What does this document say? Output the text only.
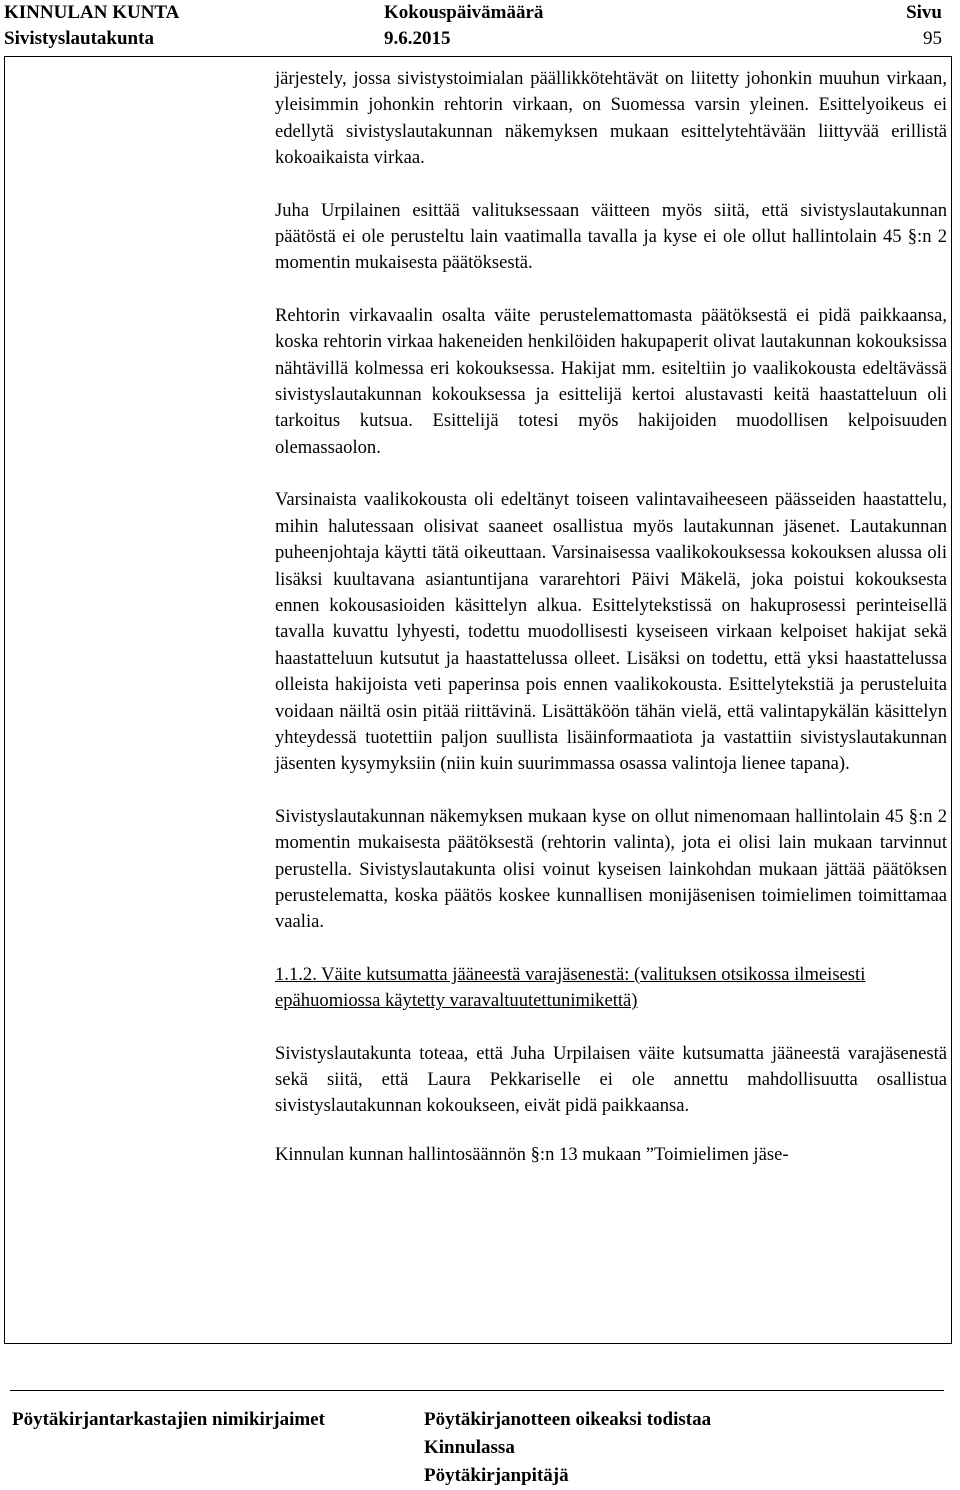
KINNULAN KUNTA	Kokouspäivämäärä	Sivu
Sivistyslautakunta	9.6.2015	95

järjestely, jossa sivistystoimialan päällikkötehtävät on liitetty johonkin muuhun virkaan, yleisimmin johonkin rehtorin virkaan, on Suomessa varsin yleinen. Esittelyoikeus ei edellytä sivistyslautakunnan näkemyksen mukaan esittelytehtävään liittyvää erillistä kokoaikaista virkaa.

Juha Urpilainen esittää valituksessaan väitteen myös siitä, että sivistyslautakunnan päätöstä ei ole perusteltu lain vaatimalla tavalla ja kyse ei ole ollut hallintolain 45 §:n 2 momentin mukaisesta päätöksestä.

Rehtorin virkavaalin osalta väite perustelemattomasta päätöksestä ei pidä paikkaansa, koska rehtorin virkaa hakeneiden henkilöiden hakupaperit olivat lautakunnan kokouksissa nähtävillä kolmessa eri kokouksessa. Hakijat mm. esiteltiin jo vaalikokousta edeltävässä sivistyslautakunnan kokouksessa ja esittelijä kertoi alustavasti keitä haastatteluun oli tarkoitus kutsua. Esittelijä totesi myös hakijoiden muodollisen kelpoisuuden olemassaolon.

Varsinaista vaalikokousta oli edeltänyt toiseen valintavaiheeseen päässeiden haastattelu, mihin halutessaan olisivat saaneet osallistua myös lautakunnan jäsenet. Lautakunnan puheenjohtaja käytti tätä oikeuttaan. Varsinaisessa vaalikokouksessa kokouksen alussa oli lisäksi kuultavana asiantuntijana vararehtori Päivi Mäkelä, joka poistui kokouksesta ennen kokousasioiden käsittelyn alkua. Esittelytekstissä on hakuprosessi perinteisellä tavalla kuvattu lyhyesti, todettu muodollisesti kyseiseen virkaan kelpoiset hakijat sekä haastatteluun kutsutut ja haastattelussa olleet. Lisäksi on todettu, että yksi haastattelussa olleista hakijoista veti paperinsa pois ennen vaalikokousta. Esittelytekstiä ja perusteluita voidaan näiltä osin pitää riittävinä. Lisättäköön tähän vielä, että valintapykälän käsittelyn yhteydessä tuotettiin paljon suullista lisäinformaatiota ja vastattiin sivistyslautakunnan jäsenten kysymyksiin (niin kuin suurimmassa osassa valintoja lienee tapana).

Sivistyslautakunnan näkemyksen mukaan kyse on ollut nimenomaan hallintolain 45 §:n 2 momentin mukaisesta päätöksestä (rehtorin valinta), jota ei olisi lain mukaan tarvinnut perustella. Sivistyslautakunta olisi voinut kyseisen lainkohdan mukaan jättää päätöksen perustelematta, koska päätös koskee kunnallisen monijäsenisen toimielimen toimittamaa vaalia.

1.1.2. Väite kutsumatta jääneestä varajäsenestä: (valituksen otsikossa ilmeisesti epähuomiossa käytetty varavaltuutettunimikettä)

Sivistyslautakunta toteaa, että Juha Urpilaisen väite kutsumatta jääneestä varajäsenestä sekä siitä, että Laura Pekkariselle ei ole annettu mahdollisuutta osallistua sivistyslautakunnan kokoukseen, eivät pidä paikkaansa.

Kinnulan kunnan hallintosäännön §:n 13 mukaan ”Toimielimen jäse-

Pöytäkirjantarkastajien nimikirjaimet	Pöytäkirjanotteen oikeaksi todistaa
Kinnulassa
Pöytäkirjanpitäjä
